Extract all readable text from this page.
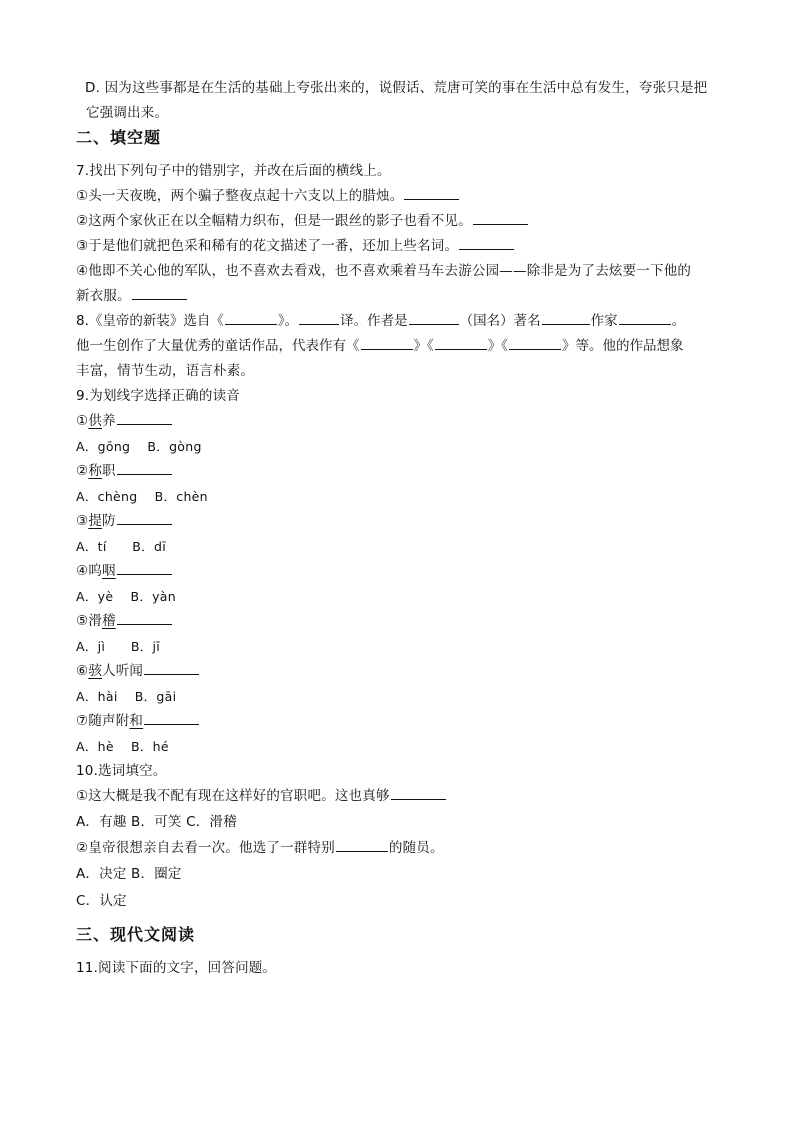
D. 因为这些事都是在生活的基础上夸张出来的，说假话、荒唐可笑的事在生活中总有发生，夸张只是把
它强调出来。
二、填空题
7.找出下列句子中的错别字，并改在后面的横线上。
①头一天夜晚，两个骗子整夜点起十六支以上的腊烛。
②这两个家伙正在以全幅精力织布，但是一跟丝的影子也看不见。
③于是他们就把色采和稀有的花文描述了一番，还加上些名词。
④他即不关心他的军队，也不喜欢去看戏，也不喜欢乘着马车去游公园——除非是为了去炫要一下他的
新衣服。
8.《皇帝的新装》选自《	》。	译。作者是	（国名）著名	作家	。
他一生创作了大量优秀的童话作品，代表作有《	》《	》《	》等。他的作品想象
丰富，情节生动，语言朴素。
9.为划线字选择正确的读音
①供养
A．gōng B．gòng
②称职
A．chèng B．chèn
③提防
A．tí B．dī
④呜咽
A．yè B．yàn
⑤滑稽
A．jì B．jī
⑥骇人听闻
A．hài B．gāi
⑦随声附和
A．hè B．hé
10.选词填空。
①这大概是我不配有现在这样好的官职吧。这也真够
A．有趣 B．可笑 C．滑稽
②皇帝很想亲自去看一次。他选了一群特别	的随员。
A．决定 B．圈定
C．认定
三、现代文阅读
11.阅读下面的文字，回答问题。
